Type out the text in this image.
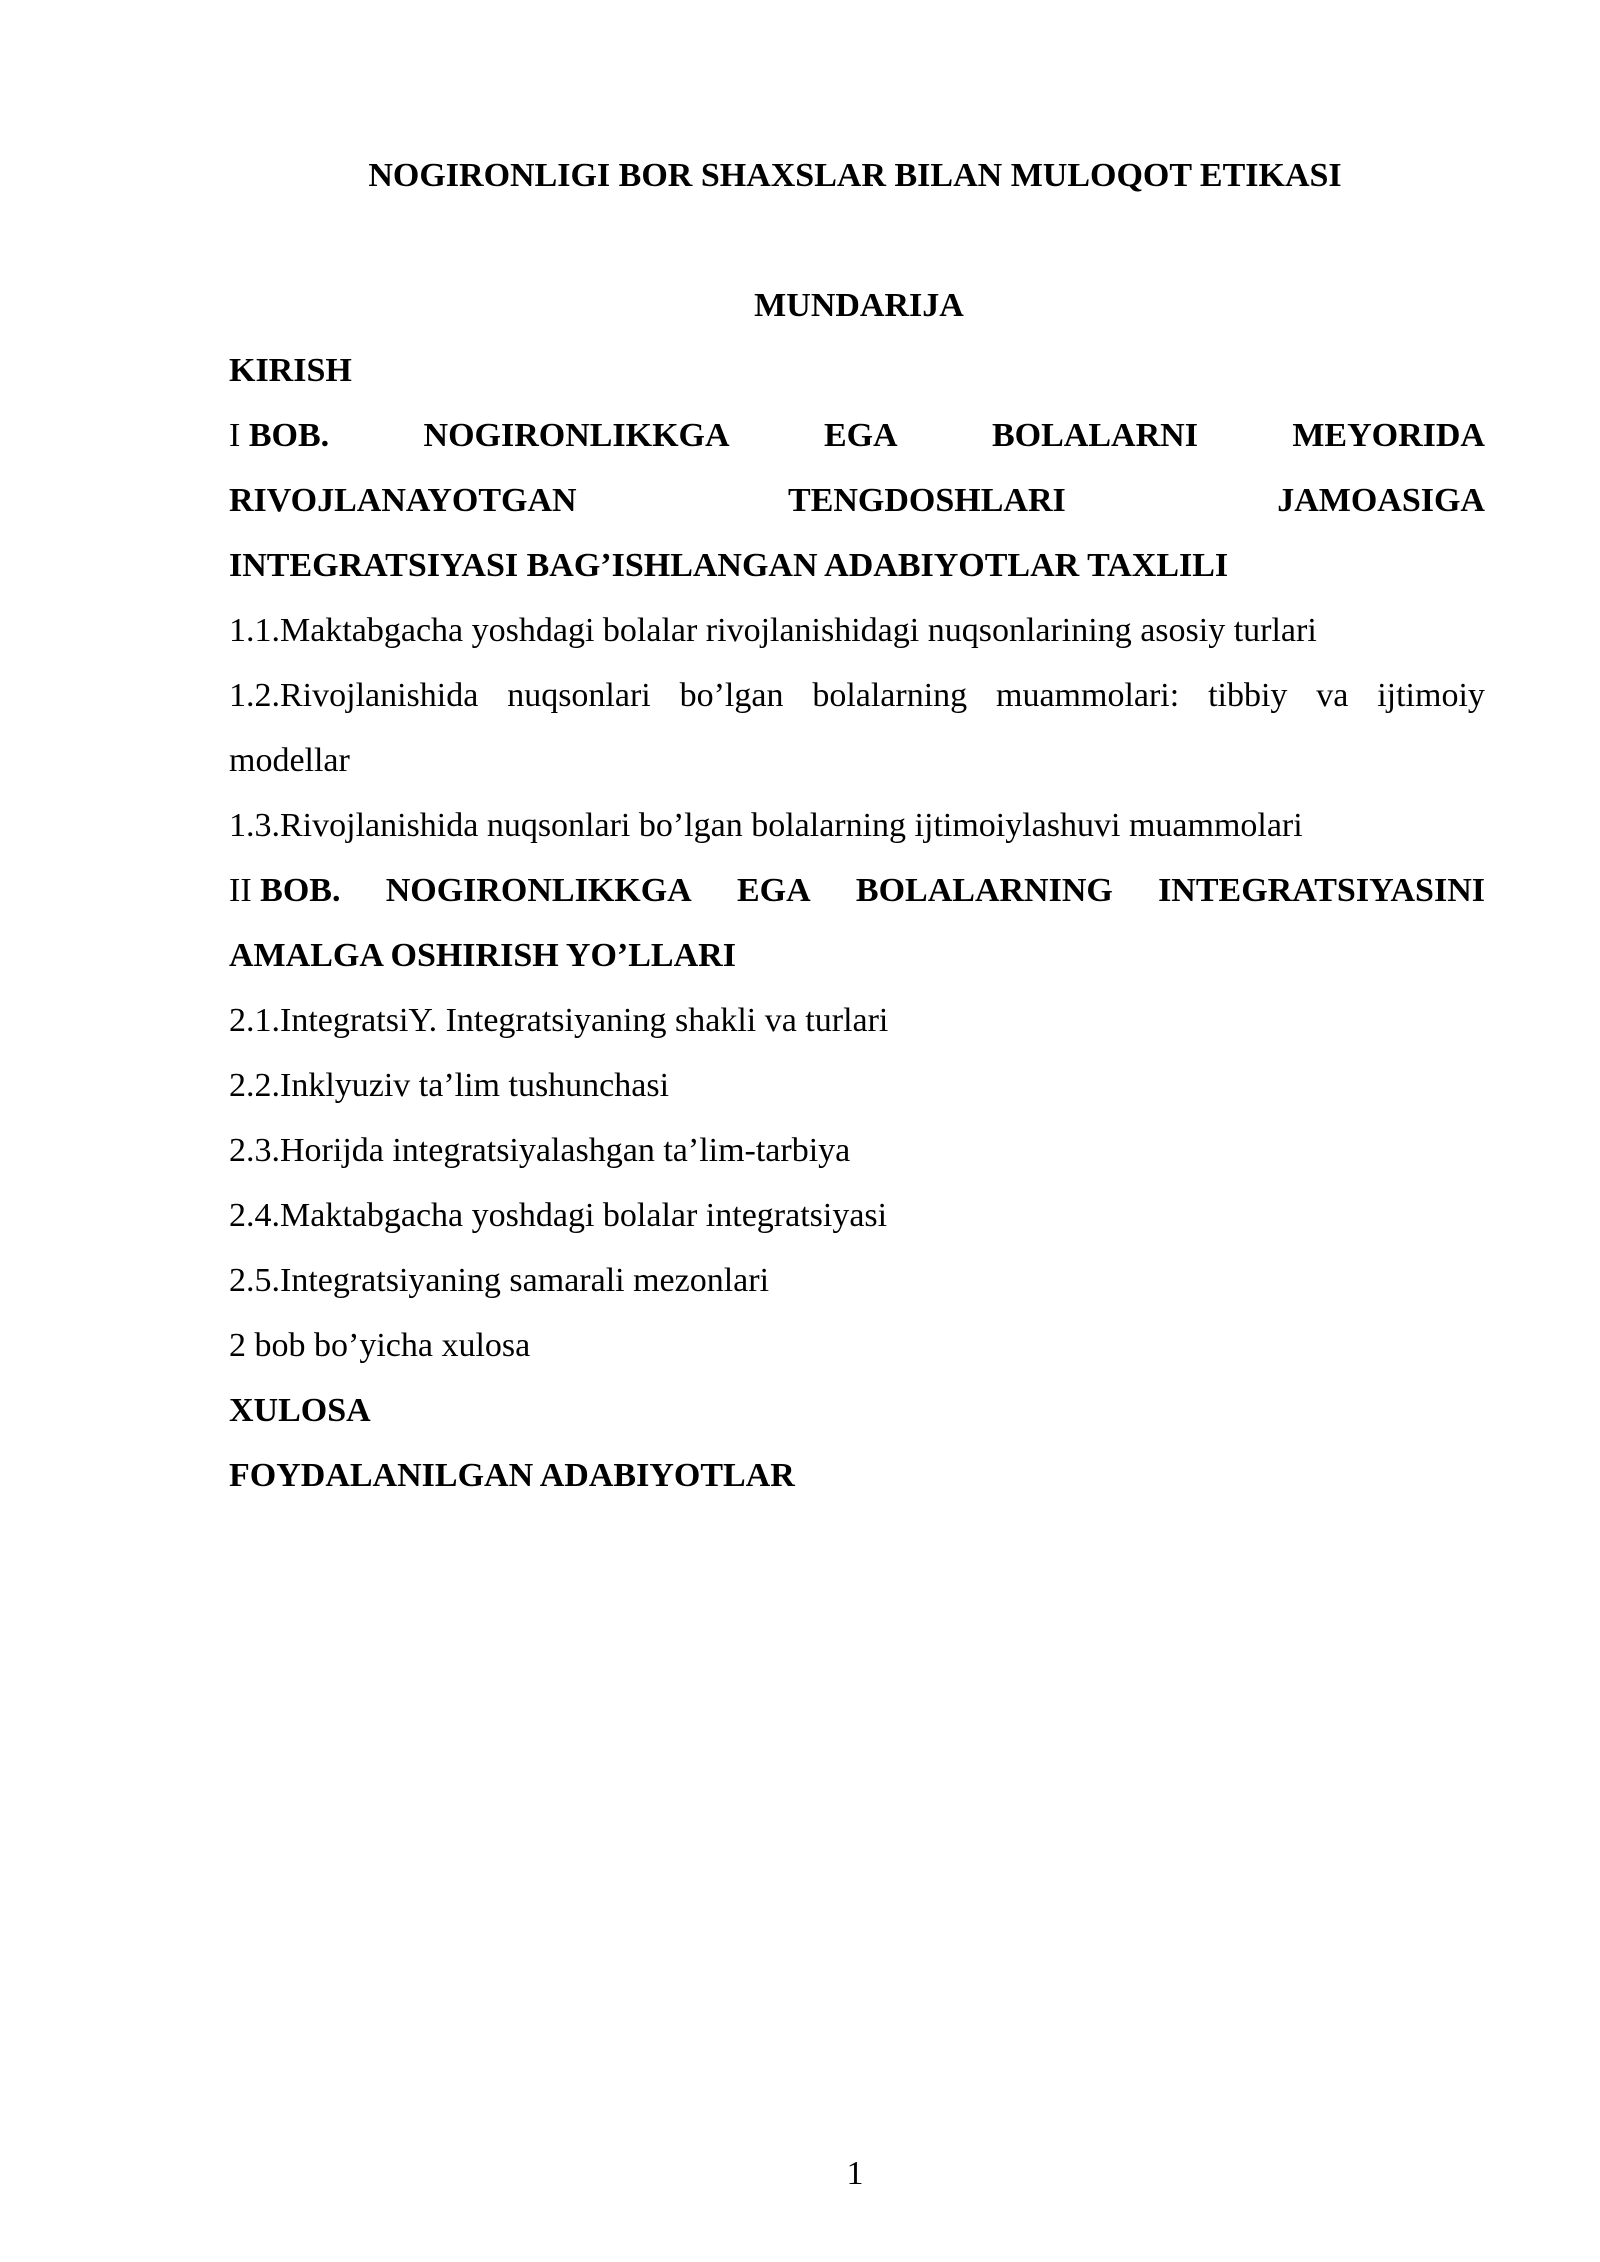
NOGIRONLIGI BOR SHAXSLAR BILAN MULOQOT ETIKASI
MUNDARIJA
KIRISH
I BOB.	NOGIRONLIKKGA	EGA	BOLALARNI	MEYORIDA
RIVOJLANAYOTGAN	TENGDOSHLARI	JAMOASIGA
INTEGRATSIYASI BAG’ISHLANGAN ADABIYOTLAR TAXLILI
1.1.Maktabgacha yoshdagi bolalar rivojlanishidagi nuqsonlarining asosiy turlari
1.2.Rivojlanishida nuqsonlari bo’lgan bolalarning muammolari: tibbiy va ijtimoiy
modellar
1.3.Rivojlanishida nuqsonlari bo’lgan bolalarning ijtimoiylashuvi muammolari
II BOB. NOGIRONLIKKGA EGA BOLALARNING INTEGRATSIYASINI
AMALGA OSHIRISH YO’LLARI
2.1.IntegratsiY. Integratsiyaning shakli va turlari
2.2.Inklyuziv ta’lim tushunchasi
2.3.Horijda integratsiyalashgan ta’lim-tarbiya
2.4.Maktabgacha yoshdagi bolalar integratsiyasi
2.5.Integratsiyaning samarali mezonlari
2 bob bo’yicha xulosa
XULOSA
FOYDALANILGAN ADABIYOTLAR
1
